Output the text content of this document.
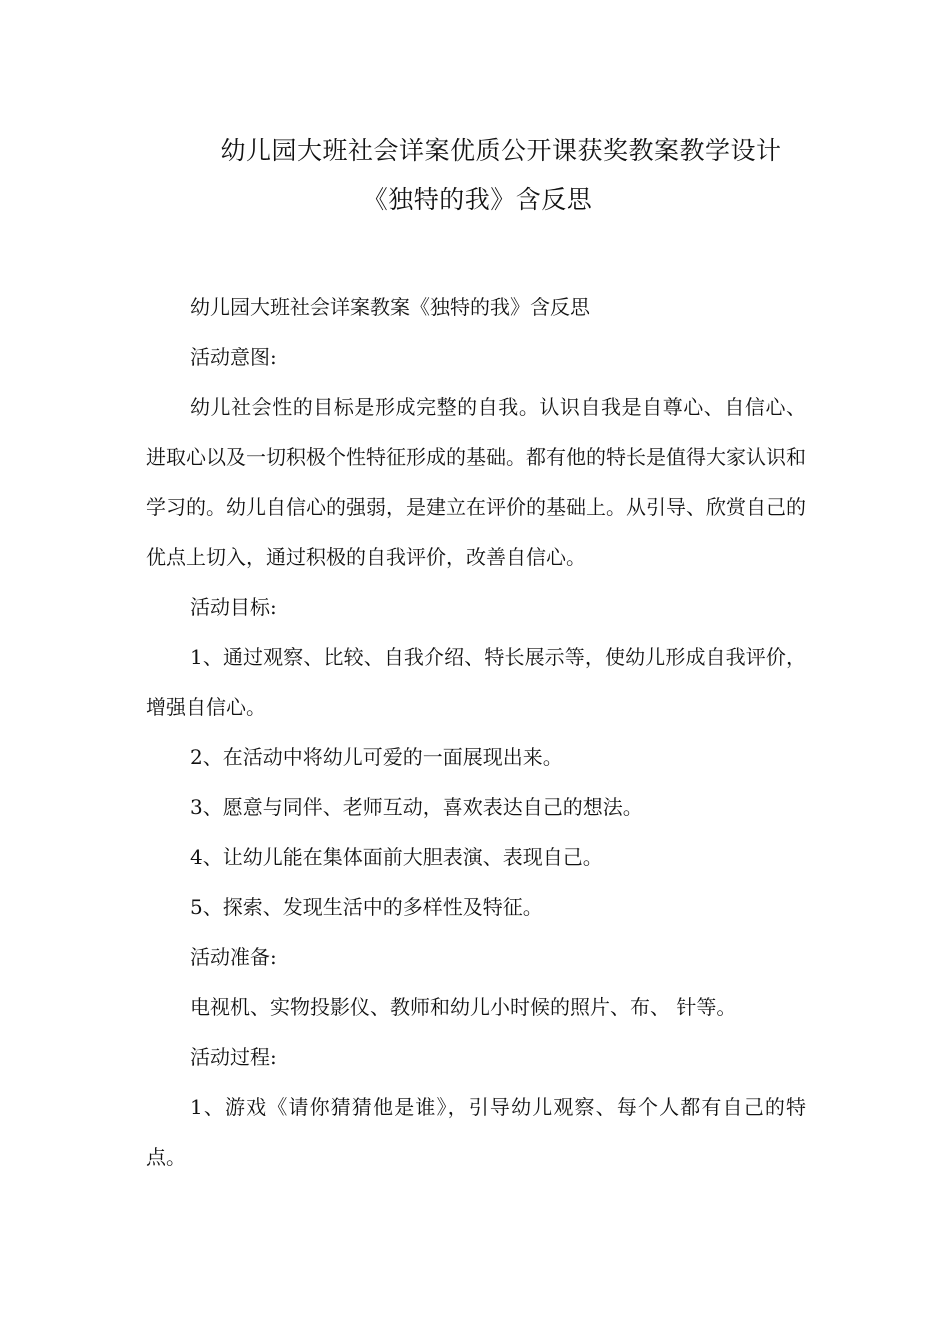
幼儿园大班社会详案优质公开课获奖教案教学设计
《独特的我》含反思

幼儿园大班社会详案教案《独特的我》含反思

活动意图:

幼儿社会性的目标是形成完整的自我。认识自我是自尊心、自信心、进取心以及一切积极个性特征形成的基础。都有他的特长是值得大家认识和学习的。幼儿自信心的强弱，是建立在评价的基础上。从引导、欣赏自己的优点上切入，通过积极的自我评价，改善自信心。

活动目标:

1、通过观察、比较、自我介绍、特长展示等，使幼儿形成自我评价，增强自信心。

2、在活动中将幼儿可爱的一面展现出来。

3、愿意与同伴、老师互动，喜欢表达自己的想法。

4、让幼儿能在集体面前大胆表演、表现自己。

5、探索、发现生活中的多样性及特征。

活动准备:

电视机、实物投影仪、教师和幼儿小时候的照片、布、 针等。

活动过程:

1、游戏《请你猜猜他是谁》，引导幼儿观察、每个人都有自己的特点。
